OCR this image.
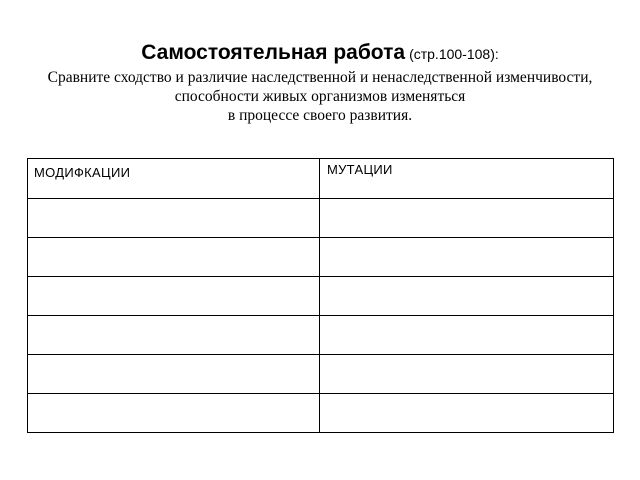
Самостоятельная работа (стр.100-108):
Сравните сходство и различие наследственной и ненаследственной изменчивости,
способности живых организмов изменяться
в процессе своего развития.
МОДИФКАЦИИ	МУТАЦИИ
